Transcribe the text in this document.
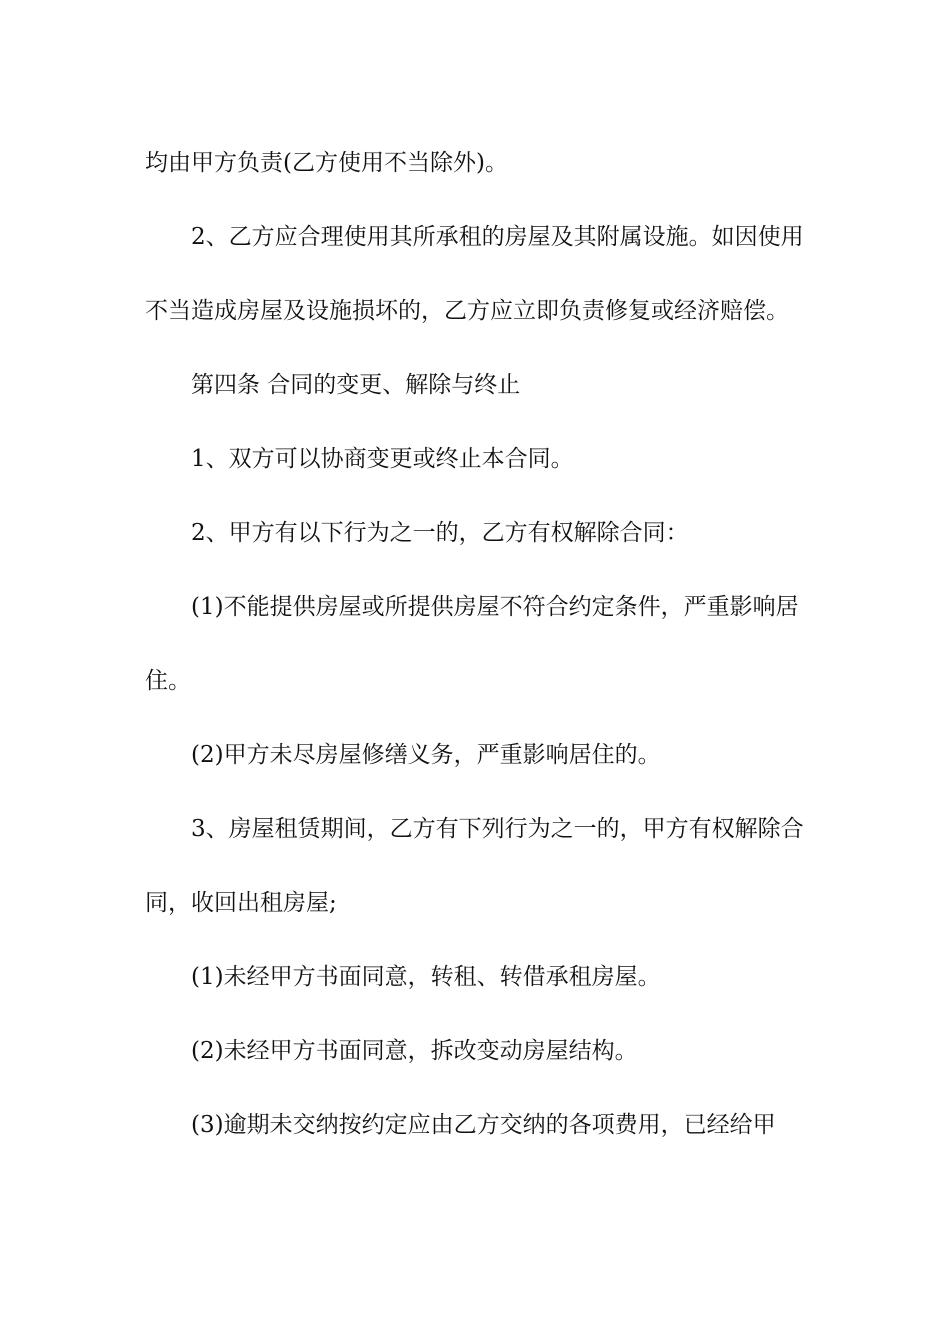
均由甲方负责(乙方使用不当除外)。

2、乙方应合理使用其所承租的房屋及其附属设施。如因使用不当造成房屋及设施损坏的，乙方应立即负责修复或经济赔偿。

第四条 合同的变更、解除与终止

1、双方可以协商变更或终止本合同。

2、甲方有以下行为之一的，乙方有权解除合同：

(1)不能提供房屋或所提供房屋不符合约定条件，严重影响居住。

(2)甲方未尽房屋修缮义务，严重影响居住的。

3、房屋租赁期间，乙方有下列行为之一的，甲方有权解除合同，收回出租房屋;

(1)未经甲方书面同意，转租、转借承租房屋。

(2)未经甲方书面同意，拆改变动房屋结构。

(3)逾期未交纳按约定应由乙方交纳的各项费用，已经给甲
